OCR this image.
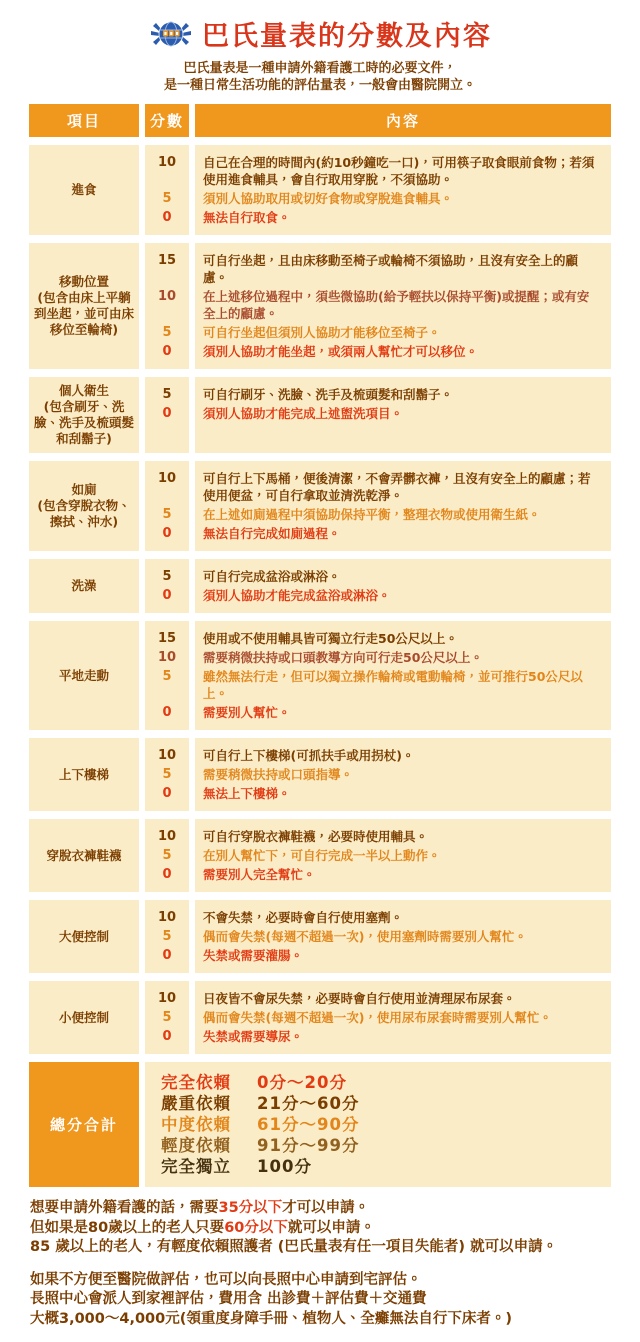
巴氏量表的分數及內容
巴氏量表是一種申請外籍看護工時的必要文件，
是一種日常生活功能的評估量表，一般會由醫院開立。
項目	分數	內容
進食
10	自己在合理的時間內(約10秒鐘吃一口)，可用筷子取食眼前食物；若須使用進食輔具，會自行取用穿脫，不須協助。
5	須別人協助取用或切好食物或穿脫進食輔具。
0	無法自行取食。
移動位置
(包含由床上平躺到坐起，並可由床移位至輪椅)
15	可自行坐起，且由床移動至椅子或輪椅不須協助，且沒有安全上的顧慮。
10	在上述移位過程中，須些微協助(給予輕扶以保持平衡)或提醒；或有安全上的顧慮。
5	可自行坐起但須別人協助才能移位至椅子。
0	須別人協助才能坐起，或須兩人幫忙才可以移位。
個人衛生
(包含刷牙、洗臉、洗手及梳頭髮和刮鬍子)
5	可自行刷牙、洗臉、洗手及梳頭髮和刮鬍子。
0	須別人協助才能完成上述盥洗項目。
如廁
(包含穿脫衣物、擦拭、沖水)
10	可自行上下馬桶，便後清潔，不會弄髒衣褲，且沒有安全上的顧慮；若使用便盆，可自行拿取並清洗乾淨。
5	在上述如廁過程中須協助保持平衡，整理衣物或使用衛生紙。
0	無法自行完成如廁過程。
洗澡
5	可自行完成盆浴或淋浴。
0	須別人協助才能完成盆浴或淋浴。
平地走動
15	使用或不使用輔具皆可獨立行走50公尺以上。
10	需要稍微扶持或口頭教導方向可行走50公尺以上。
5	雖然無法行走，但可以獨立操作輪椅或電動輪椅，並可推行50公尺以上。
0	需要別人幫忙。
上下樓梯
10	可自行上下樓梯(可抓扶手或用拐杖)。
5	需要稍微扶持或口頭指導。
0	無法上下樓梯。
穿脫衣褲鞋襪
10	可自行穿脫衣褲鞋襪，必要時使用輔具。
5	在別人幫忙下，可自行完成一半以上動作。
0	需要別人完全幫忙。
大便控制
10	不會失禁，必要時會自行使用塞劑。
5	偶而會失禁(每週不超過一次)，使用塞劑時需要別人幫忙。
0	失禁或需要灌腸。
小便控制
10	日夜皆不會尿失禁，必要時會自行使用並清理尿布尿套。
5	偶而會失禁(每週不超過一次)，使用尿布尿套時需要別人幫忙。
0	失禁或需要導尿。
總分合計
完全依賴	0分～20分
嚴重依賴	21分～60分
中度依賴	61分～90分
輕度依賴	91分～99分
完全獨立	100分
想要申請外籍看護的話，需要35分以下才可以申請。
但如果是80歲以上的老人只要60分以下就可以申請。
85 歲以上的老人，有輕度依賴照護者 (巴氏量表有任一項目失能者) 就可以申請。
如果不方便至醫院做評估，也可以向長照中心申請到宅評估。
長照中心會派人到家裡評估，費用含 出診費＋評估費＋交通費
大概3,000～4,000元(領重度身障手冊、植物人、全癱無法自行下床者。)
